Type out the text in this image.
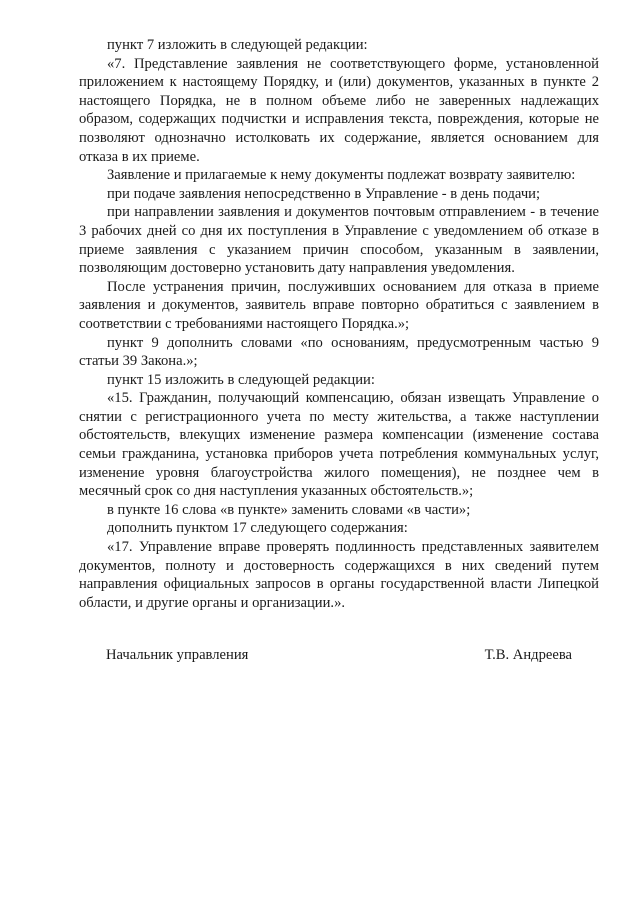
пункт 7 изложить в следующей редакции:

«7. Представление заявления не соответствующего форме, установленной приложением к настоящему Порядку, и (или) документов, указанных в пункте 2 настоящего Порядка, не в полном объеме либо не заверенных надлежащих образом, содержащих подчистки и исправления текста, повреждения, которые не позволяют однозначно истолковать их содержание, является основанием для отказа в их приеме.

Заявление и прилагаемые к нему документы подлежат возврату заявителю:

при подаче заявления непосредственно в Управление - в день подачи;

при направлении заявления и документов почтовым отправлением - в течение 3 рабочих дней со дня их поступления в Управление с уведомлением об отказе в приеме заявления с указанием причин способом, указанным в заявлении, позволяющим достоверно установить дату направления уведомления.

После устранения причин, послуживших основанием для отказа в приеме заявления и документов, заявитель вправе повторно обратиться с заявлением в соответствии с требованиями настоящего Порядка.»;

пункт 9 дополнить словами «по основаниям, предусмотренным частью 9 статьи 39 Закона.»;

пункт 15 изложить в следующей редакции:

«15. Гражданин, получающий компенсацию, обязан извещать Управление о снятии с регистрационного учета по месту жительства, а также наступлении обстоятельств, влекущих изменение размера компенсации (изменение состава семьи гражданина, установка приборов учета потребления коммунальных услуг, изменение уровня благоустройства жилого помещения), не позднее чем в месячный срок со дня наступления указанных обстоятельств.»;

в пункте 16 слова «в пункте» заменить словами «в части»;

дополнить пунктом 17 следующего содержания:

«17. Управление вправе проверять подлинность представленных заявителем документов, полноту и достоверность содержащихся в них сведений путем направления официальных запросов в органы государственной власти Липецкой области, и другие органы и организации.».

Начальник управления	Т.В. Андреева
